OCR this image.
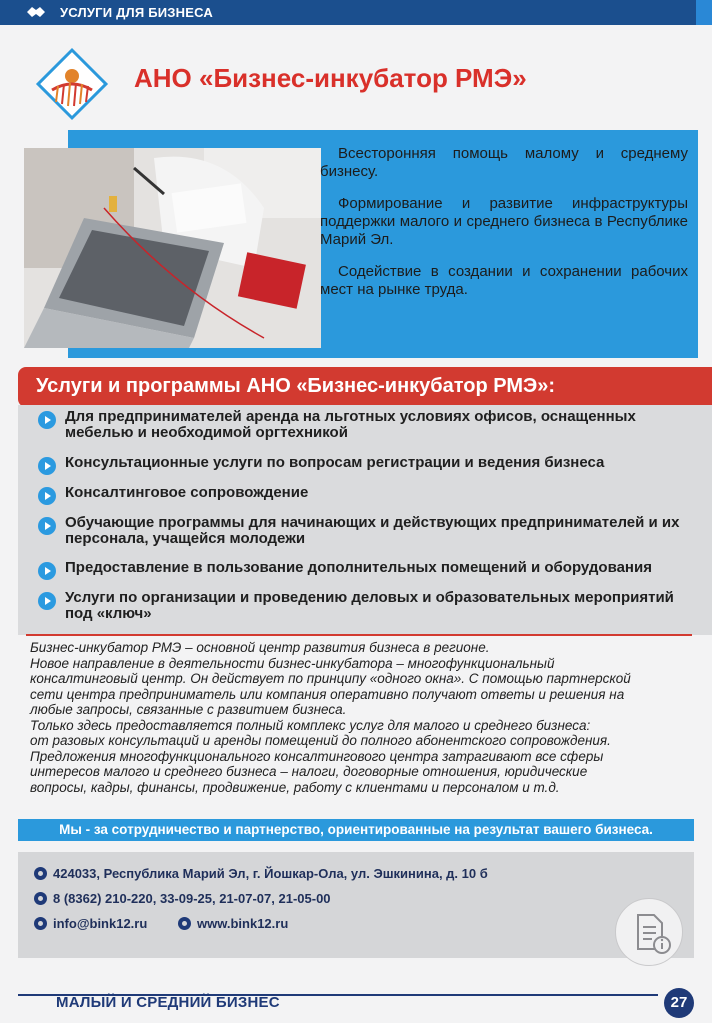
УСЛУГИ ДЛЯ БИЗНЕСА
АНО «Бизнес-инкубатор РМЭ»

Всесторонняя помощь малому и среднему бизнесу.

Формирование и развитие инфраструктуры поддержки малого и среднего бизнеса в Республике Марий Эл.

Содействие в создании и сохранении рабочих мест на рынке труда.

Услуги и программы АНО «Бизнес-инкубатор РМЭ»:
Для предпринимателей аренда на льготных условиях офисов, оснащенных мебелью и необходимой оргтехникой
Консультационные услуги по вопросам регистрации и ведения бизнеса
Консалтинговое сопровождение
Обучающие программы для начинающих и действующих предпринимателей и их персонала, учащейся молодежи
Предоставление в пользование дополнительных помещений и оборудования
Услуги по организации и проведению деловых и образовательных мероприятий под «ключ»
Бизнес-инкубатор РМЭ – основной центр развития бизнеса в регионе.
Новое направление в деятельности бизнес-инкубатора – многофункциональный
консалтинговый центр. Он действует по принципу «одного окна». С помощью партнерской
сети центра предприниматель или компания оперативно получают ответы и решения на
любые запросы, связанные с развитием бизнеса.
Только здесь предоставляется полный комплекс услуг для малого и среднего бизнеса:
от разовых консультаций и аренды помещений до полного абонентского сопровождения.
Предложения многофункционального консалтингового центра затрагивают все сферы
интересов малого и среднего бизнеса – налоги, договорные отношения, юридические
вопросы, кадры, финансы, продвижение, работу с клиентами и персоналом и т.д.
Мы - за сотрудничество и партнерство, ориентированные на результат вашего бизнеса.
424033, Республика Марий Эл, г. Йошкар-Ола, ул. Эшкинина, д. 10 б
8 (8362) 210-220, 33-09-25, 21-07-07, 21-05-00
info@bink12.ru	www.bink12.ru
МАЛЫЙ И СРЕДНИЙ БИЗНЕС	27
